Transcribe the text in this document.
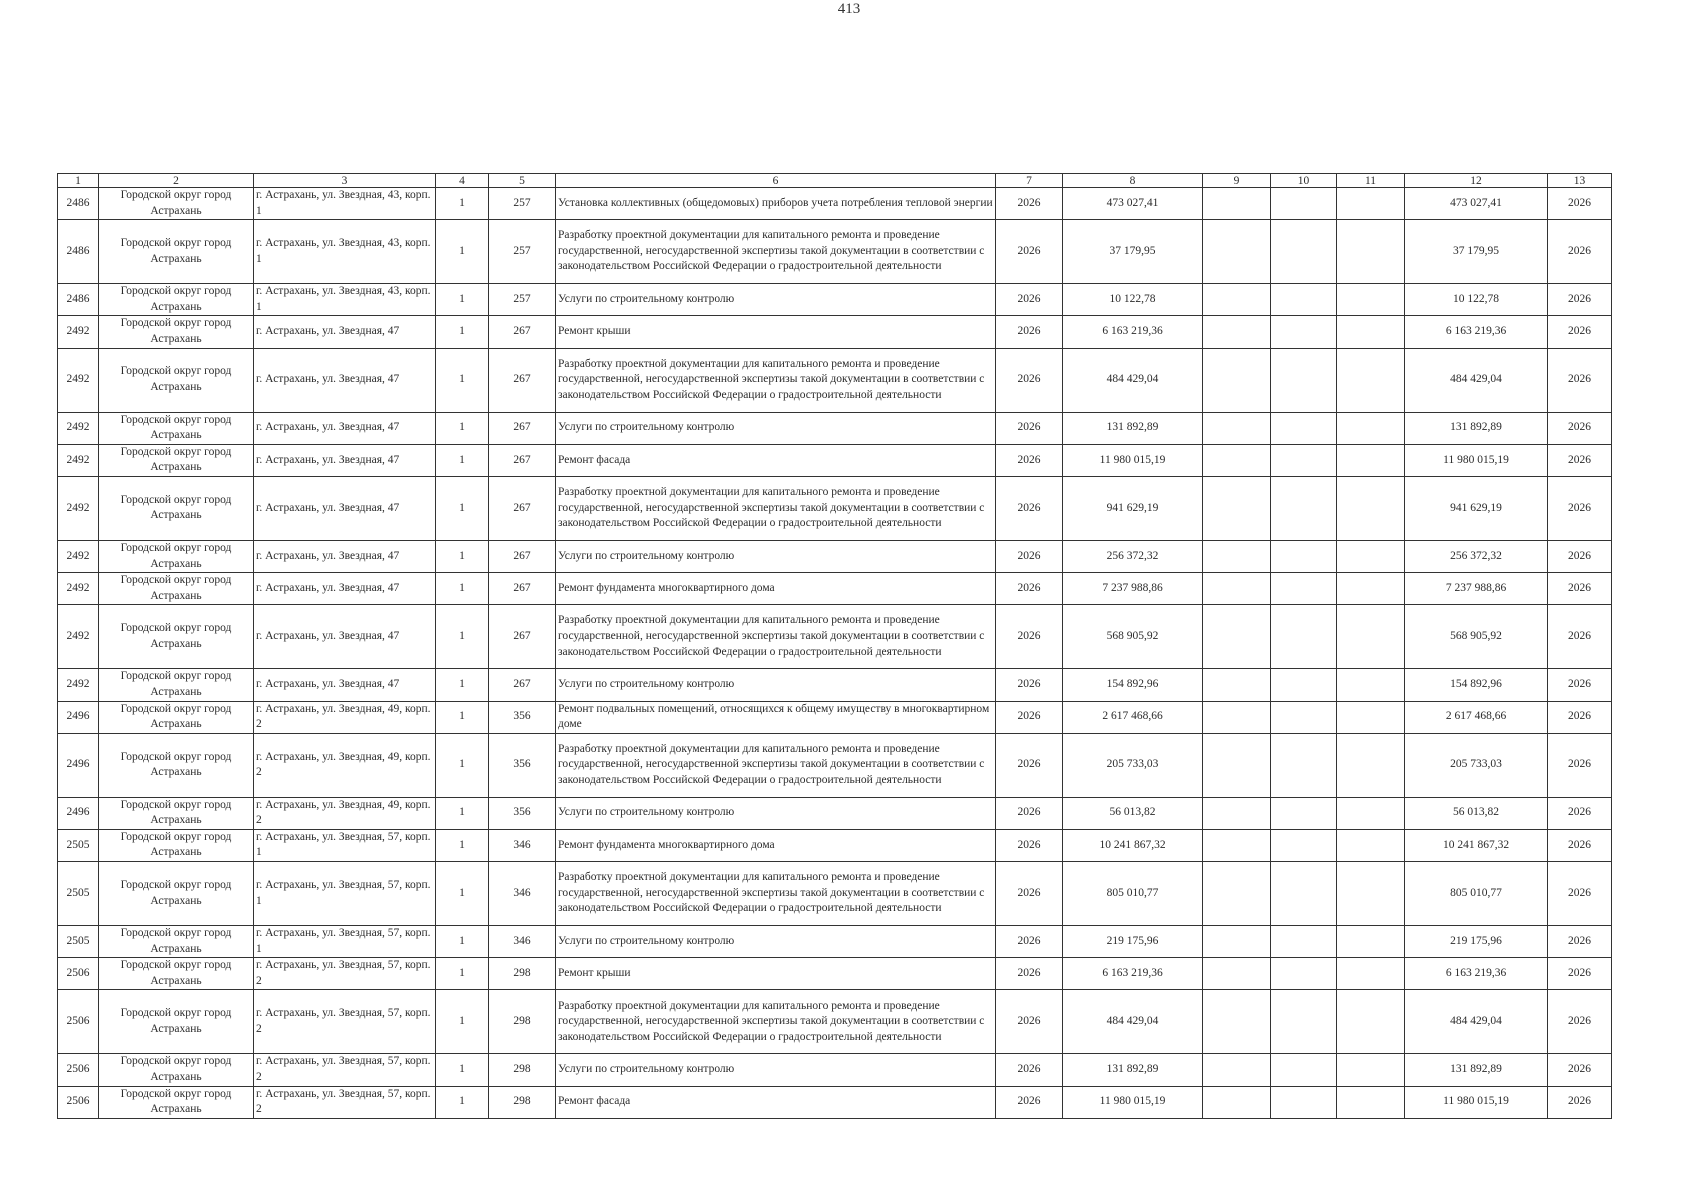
413
1	2	3	4	5	6	7	8	9	10	11	12	13
2486	Городской округ город Астрахань	г. Астрахань, ул. Звездная, 43, корп. 1	1	257	Установка коллективных (общедомовых) приборов учета потребления тепловой энергии	2026	473 027,41				473 027,41	2026
2486	Городской округ город Астрахань	г. Астрахань, ул. Звездная, 43, корп. 1	1	257	Разработку проектной документации для капитального ремонта и проведение государственной, негосударственной экспертизы такой документации в соответствии с законодательством Российской Федерации о градостроительной деятельности	2026	37 179,95				37 179,95	2026
2486	Городской округ город Астрахань	г. Астрахань, ул. Звездная, 43, корп. 1	1	257	Услуги по строительному контролю	2026	10 122,78				10 122,78	2026
2492	Городской округ город Астрахань	г. Астрахань, ул. Звездная, 47	1	267	Ремонт крыши	2026	6 163 219,36				6 163 219,36	2026
2492	Городской округ город Астрахань	г. Астрахань, ул. Звездная, 47	1	267	Разработку проектной документации для капитального ремонта и проведение государственной, негосударственной экспертизы такой документации в соответствии с законодательством Российской Федерации о градостроительной деятельности	2026	484 429,04				484 429,04	2026
2492	Городской округ город Астрахань	г. Астрахань, ул. Звездная, 47	1	267	Услуги по строительному контролю	2026	131 892,89				131 892,89	2026
2492	Городской округ город Астрахань	г. Астрахань, ул. Звездная, 47	1	267	Ремонт фасада	2026	11 980 015,19				11 980 015,19	2026
2492	Городской округ город Астрахань	г. Астрахань, ул. Звездная, 47	1	267	Разработку проектной документации для капитального ремонта и проведение государственной, негосударственной экспертизы такой документации в соответствии с законодательством Российской Федерации о градостроительной деятельности	2026	941 629,19				941 629,19	2026
2492	Городской округ город Астрахань	г. Астрахань, ул. Звездная, 47	1	267	Услуги по строительному контролю	2026	256 372,32				256 372,32	2026
2492	Городской округ город Астрахань	г. Астрахань, ул. Звездная, 47	1	267	Ремонт фундамента многоквартирного дома	2026	7 237 988,86				7 237 988,86	2026
2492	Городской округ город Астрахань	г. Астрахань, ул. Звездная, 47	1	267	Разработку проектной документации для капитального ремонта и проведение государственной, негосударственной экспертизы такой документации в соответствии с законодательством Российской Федерации о градостроительной деятельности	2026	568 905,92				568 905,92	2026
2492	Городской округ город Астрахань	г. Астрахань, ул. Звездная, 47	1	267	Услуги по строительному контролю	2026	154 892,96				154 892,96	2026
2496	Городской округ город Астрахань	г. Астрахань, ул. Звездная, 49, корп. 2	1	356	Ремонт подвальных помещений, относящихся к общему имуществу в многоквартирном доме	2026	2 617 468,66				2 617 468,66	2026
2496	Городской округ город Астрахань	г. Астрахань, ул. Звездная, 49, корп. 2	1	356	Разработку проектной документации для капитального ремонта и проведение государственной, негосударственной экспертизы такой документации в соответствии с законодательством Российской Федерации о градостроительной деятельности	2026	205 733,03				205 733,03	2026
2496	Городской округ город Астрахань	г. Астрахань, ул. Звездная, 49, корп. 2	1	356	Услуги по строительному контролю	2026	56 013,82				56 013,82	2026
2505	Городской округ город Астрахань	г. Астрахань, ул. Звездная, 57, корп. 1	1	346	Ремонт фундамента многоквартирного дома	2026	10 241 867,32				10 241 867,32	2026
2505	Городской округ город Астрахань	г. Астрахань, ул. Звездная, 57, корп. 1	1	346	Разработку проектной документации для капитального ремонта и проведение государственной, негосударственной экспертизы такой документации в соответствии с законодательством Российской Федерации о градостроительной деятельности	2026	805 010,77				805 010,77	2026
2505	Городской округ город Астрахань	г. Астрахань, ул. Звездная, 57, корп. 1	1	346	Услуги по строительному контролю	2026	219 175,96				219 175,96	2026
2506	Городской округ город Астрахань	г. Астрахань, ул. Звездная, 57, корп. 2	1	298	Ремонт крыши	2026	6 163 219,36				6 163 219,36	2026
2506	Городской округ город Астрахань	г. Астрахань, ул. Звездная, 57, корп. 2	1	298	Разработку проектной документации для капитального ремонта и проведение государственной, негосударственной экспертизы такой документации в соответствии с законодательством Российской Федерации о градостроительной деятельности	2026	484 429,04				484 429,04	2026
2506	Городской округ город Астрахань	г. Астрахань, ул. Звездная, 57, корп. 2	1	298	Услуги по строительному контролю	2026	131 892,89				131 892,89	2026
2506	Городской округ город Астрахань	г. Астрахань, ул. Звездная, 57, корп. 2	1	298	Ремонт фасада	2026	11 980 015,19				11 980 015,19	2026
